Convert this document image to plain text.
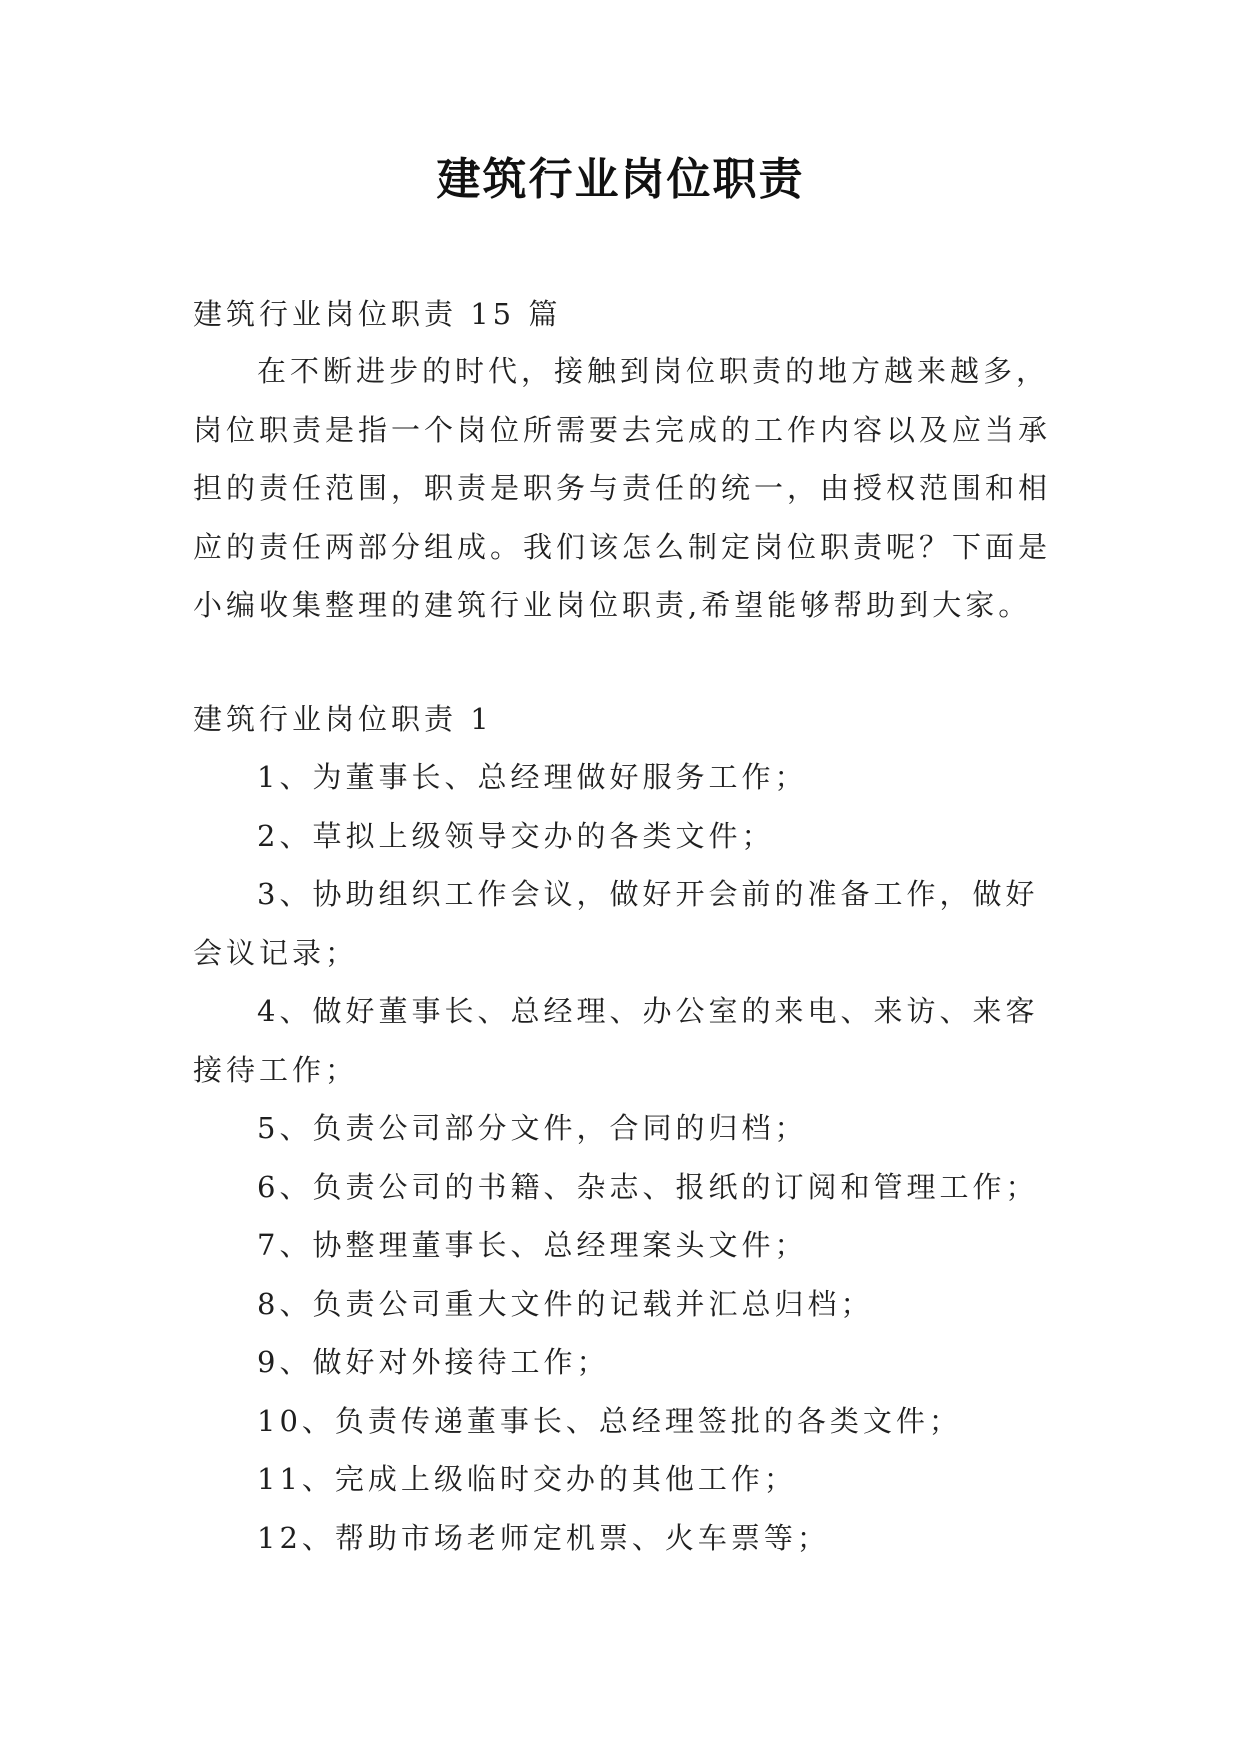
建筑行业岗位职责
建筑行业岗位职责 15 篇
在不断进步的时代，接触到岗位职责的地方越来越多，岗位职责是指一个岗位所需要去完成的工作内容以及应当承担的责任范围，职责是职务与责任的统一，由授权范围和相应的责任两部分组成。我们该怎么制定岗位职责呢？下面是小编收集整理的建筑行业岗位职责,希望能够帮助到大家。
建筑行业岗位职责 1

1、为董事长、总经理做好服务工作；

2、草拟上级领导交办的各类文件；

3、协助组织工作会议，做好开会前的准备工作，做好会议记录；

4、做好董事长、总经理、办公室的来电、来访、来客接待工作；

5、负责公司部分文件，合同的归档；

6、负责公司的书籍、杂志、报纸的订阅和管理工作；

7、协整理董事长、总经理案头文件；

8、负责公司重大文件的记载并汇总归档；

9、做好对外接待工作；

10、负责传递董事长、总经理签批的各类文件；

11、完成上级临时交办的其他工作；

12、帮助市场老师定机票、火车票等；
